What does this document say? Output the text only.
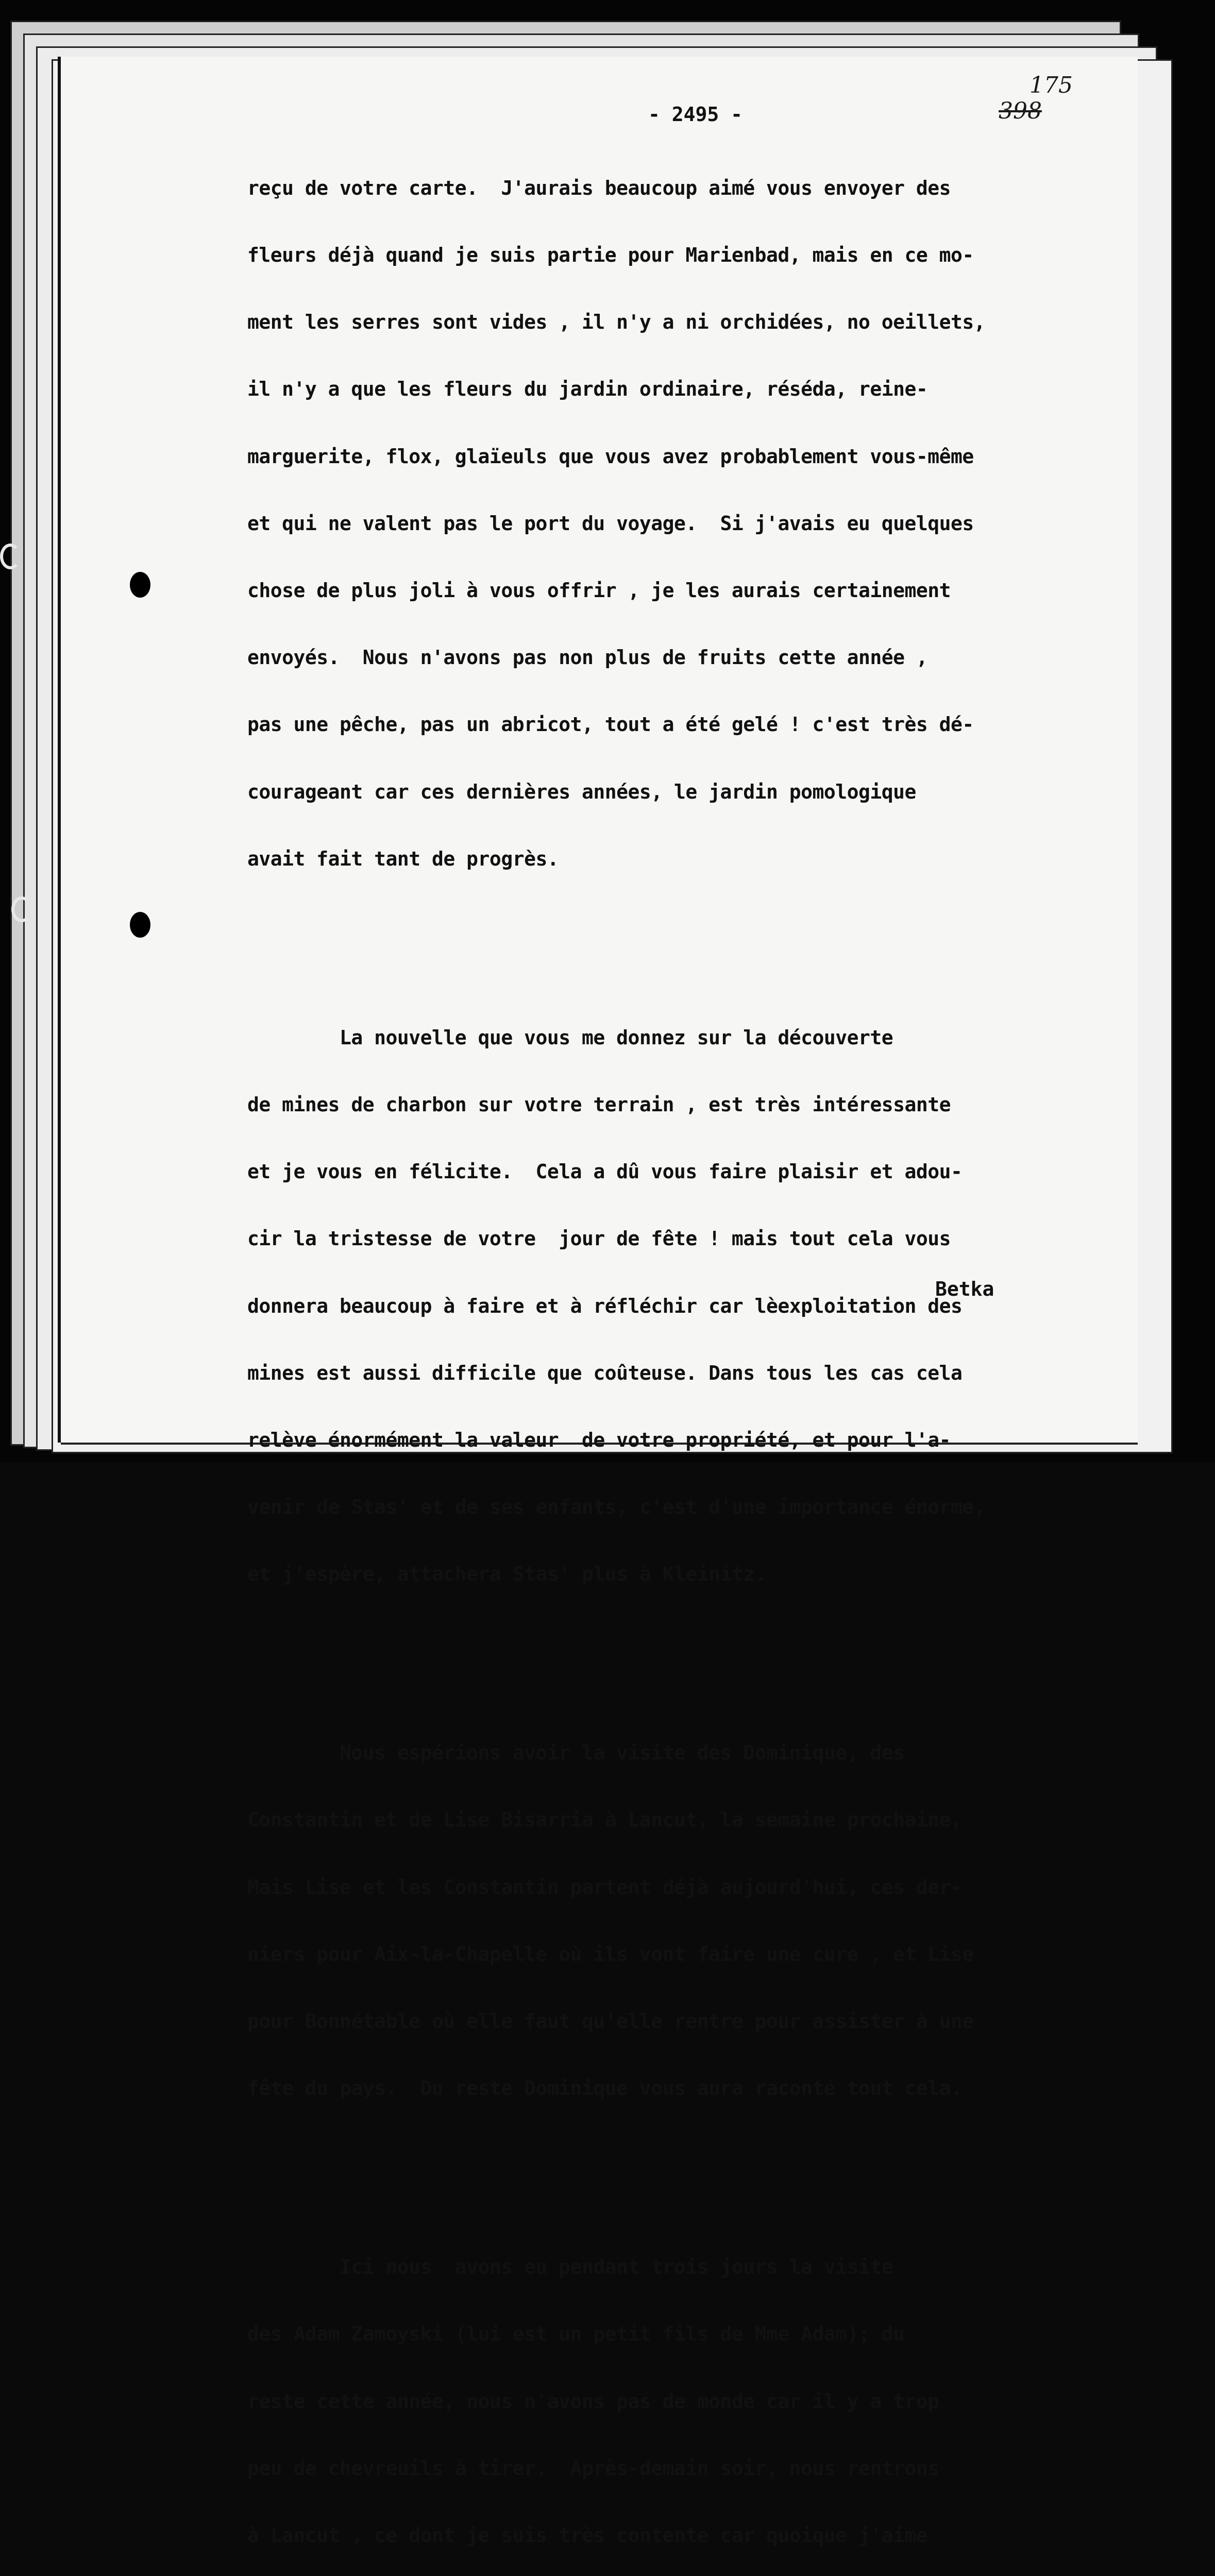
- 2495 -
175
398

reçu de votre carte.  J'aurais beaucoup aimé vous envoyer des

fleurs déjà quand je suis partie pour Marienbad, mais en ce mo-

ment les serres sont vides , il n'y a ni orchidées, no oeillets,

il n'y a que les fleurs du jardin ordinaire, réséda, reine-

marguerite, flox, glaïeuls que vous avez probablement vous-même

et qui ne valent pas le port du voyage.  Si j'avais eu quelques

chose de plus joli à vous offrir , je les aurais certainement

envoyés.  Nous n'avons pas non plus de fruits cette année ,

pas une pêche, pas un abricot, tout a été gelé ! c'est très dé-

courageant car ces dernières années, le jardin pomologique

avait fait tant de progrès.

La nouvelle que vous me donnez sur la découverte

de mines de charbon sur votre terrain , est très intéressante

et je vous en félicite.  Cela a dû vous faire plaisir et adou-

cir la tristesse de votre  jour de fête ! mais tout cela vous

donnera beaucoup à faire et à réfléchir car lèexploitation des

mines est aussi difficile que coûteuse. Dans tous les cas cela

relève énormément la valeur  de votre propriété, et pour l'a-

venir de Stas' et de ses enfants, c'est d'une importance énorme,

et j'espère, attachera Stas' plus à Kleinitz.

Nous espérions avoir la visite des Dominique, des

Constantin et de Lise Bisarria à Lancut, la semaine prochaine,

Mais Lise et les Constantin partent déjà aujourd'hui, ces der-

niers pour Aix-la-Chapelle où ils vont faire une cure , et Lise

pour Bonnétable où elle faut qu'elle rentre pour assister à une

fête du pays.  Du reste Dominique vous aura raconté tout cela.

Ici nous  avons eu pendant trois jours la visite

des Adam Zamoyski (lui est un petit fils de Mme Adam); du

reste cette année, nous n'avons pas de monde car il y a trop

peu de chevreuils à tirer.  Après-demain soir, nous rentrons

à Lancut , ce dont je suis très contente car quoique j'aime

Betka
